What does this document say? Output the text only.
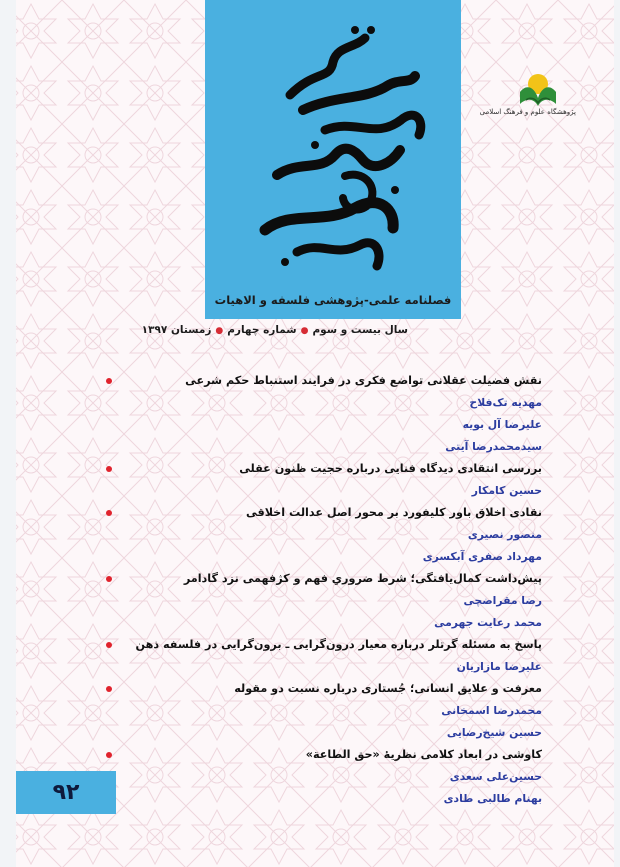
فصلنامه علمی-پژوهشی فلسفه و الاهیات
سال بیست و سوم●شماره چهارم●زمستان ۱۳۹۷
پژوهشگاه علوم و فرهنگ اسلامی
نقش فضیلت عقلانی تواضع فکری در فرایند استنباط حکم شرعی
مهدیه تک‌فلاح
علیرضا آل بویه
سیدمحمدرضا آیتی
بررسی انتقادی دیدگاه فنایی درباره حجیت ظنون عقلی
حسین کامکار
نقادی اخلاق باور کلیفورد بر محور اصل عدالت اخلاقی
منصور نصیری
مهرداد صفری آبکسری
پیش‌داشت کمال‌یافتگی؛ شرط ضروریِ فهم و کژفهمی نزد گادامر
رضا مقراضچی
محمد رعایت جهرمی
پاسخ به مسئله گرتلر درباره معیار درون‌گرایی ـ برون‌گرایی در فلسفه ذهن
علیرضا مازاریان
معرفت و علایق انسانی؛ جُستاری درباره نسبت دو مقوله
محمدرضا اسمخانی
حسین شیخ‌رضایی
کاوشی در ابعاد کلامی نظریهٔ «حق الطاعة»
حسین‌علی سعدی
بهنام طالبی طادی
۹۲
